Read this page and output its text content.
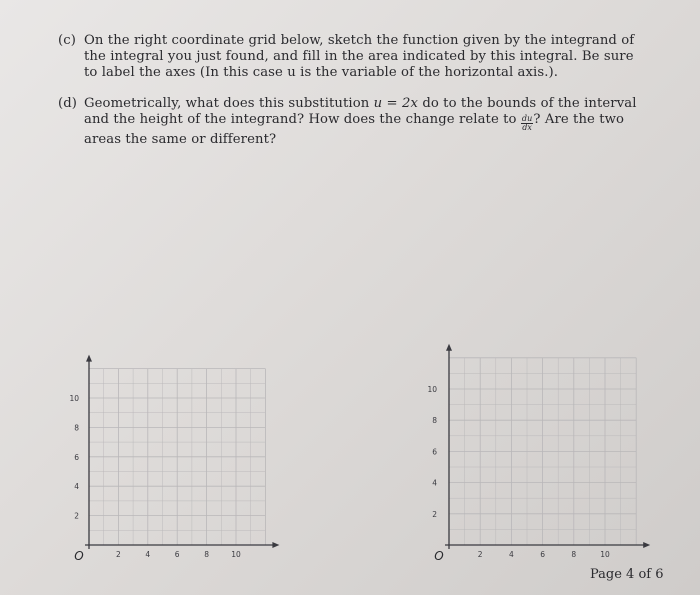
(c) On the right coordinate grid below, sketch the function given by the integrand of the integral you just found, and fill in the area indicated by this integral. Be sure to label the axes (In this case u is the variable of the horizontal axis.).
(d) Geometrically, what does this substitution u = 2x do to the bounds of the interval and the height of the integrand? How does the change relate to $\frac{du}{dx}$ ? Are the two areas the same or different?
2	4	6	8	10
2
4
6
8
10
O	2	4	6	8	10
2
4
6
8
10
O
Page 4 of 6
